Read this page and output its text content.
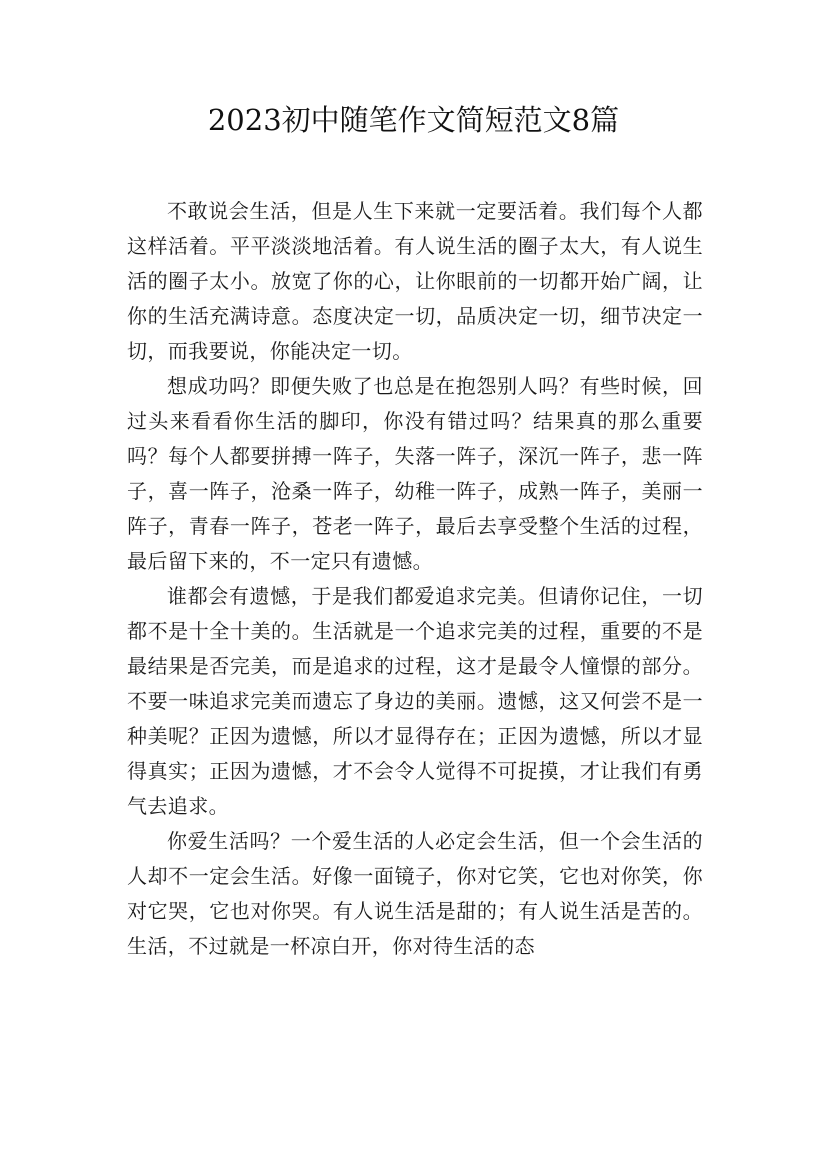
2023初中随笔作文简短范文8篇

不敢说会生活，但是人生下来就一定要活着。我们每个人都这样活着。平平淡淡地活着。有人说生活的圈子太大，有人说生活的圈子太小。放宽了你的心，让你眼前的一切都开始广阔，让你的生活充满诗意。态度决定一切，品质决定一切，细节决定一切，而我要说，你能决定一切。

想成功吗？即便失败了也总是在抱怨别人吗？有些时候，回过头来看看你生活的脚印，你没有错过吗？结果真的那么重要吗？每个人都要拼搏一阵子，失落一阵子，深沉一阵子，悲一阵子，喜一阵子，沧桑一阵子，幼稚一阵子，成熟一阵子，美丽一阵子，青春一阵子，苍老一阵子，最后去享受整个生活的过程，最后留下来的，不一定只有遗憾。

谁都会有遗憾，于是我们都爱追求完美。但请你记住，一切都不是十全十美的。生活就是一个追求完美的过程，重要的不是最结果是否完美，而是追求的过程，这才是最令人憧憬的部分。不要一味追求完美而遗忘了身边的美丽。遗憾，这又何尝不是一种美呢？正因为遗憾，所以才显得存在；正因为遗憾，所以才显得真实；正因为遗憾，才不会令人觉得不可捉摸，才让我们有勇气去追求。

你爱生活吗？一个爱生活的人必定会生活，但一个会生活的人却不一定会生活。好像一面镜子，你对它笑，它也对你笑，你对它哭，它也对你哭。有人说生活是甜的；有人说生活是苦的。生活，不过就是一杯凉白开，你对待生活的态
